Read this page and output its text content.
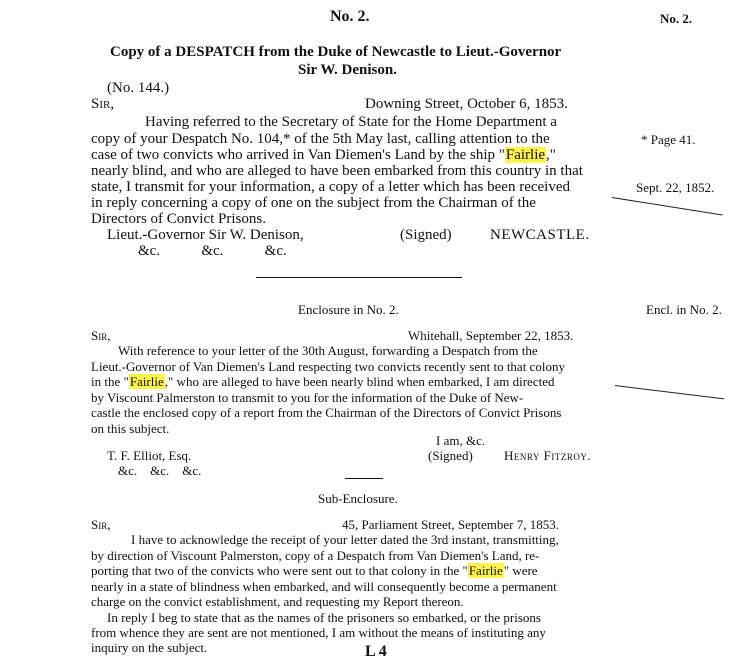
No. 2.	No. 2.
Copy of a DESPATCH from the Duke of Newcastle to Lieut.-Governor
Sir W. Denison.
(No. 144.)
Sir,	Downing Street, October 6, 1853.
Having referred to the Secretary of State for the Home Department a
copy of your Despatch No. 104,* of the 5th May last, calling attention to the
case of two convicts who arrived in Van Diemen's Land by the ship "Fairlie,"
nearly blind, and who are alleged to have been embarked from this country in that
state, I transmit for your information, a copy of a letter which has been received
in reply concerning a copy of one on the subject from the Chairman of the
Directors of Convict Prisons.
Lieut.-Governor Sir W. Denison,
&c.           &c.           &c.
(Signed)	NEWCASTLE.
* Page 41.
Sept. 22, 1852.
Enclosure in No. 2.	Encl. in No. 2.
Sir,	Whitehall, September 22, 1853.
With reference to your letter of the 30th August, forwarding a Despatch from the
Lieut.-Governor of Van Diemen's Land respecting two convicts recently sent to that colony
in the "Fairlie," who are alleged to have been nearly blind when embarked, I am directed
by Viscount Palmerston to transmit to you for the information of the Duke of New-
castle the enclosed copy of a report from the Chairman of the Directors of Convict Prisons
on this subject.
I am, &c.
T. F. Elliot, Esq.	(Signed) Henry Fitzroy.
&c.    &c.    &c.
Sub-Enclosure.
Sir,	45, Parliament Street, September 7, 1853.
I have to acknowledge the receipt of your letter dated the 3rd instant, transmitting,
by direction of Viscount Palmerston, copy of a Despatch from Van Diemen's Land, re-
porting that two of the convicts who were sent out to that colony in the "Fairlie" were
nearly in a state of blindness when embarked, and will consequently become a permanent
charge on the convict establishment, and requesting my Report thereon.
In reply I beg to state that as the names of the prisoners so embarked, or the prisons
from whence they are sent are not mentioned, I am without the means of instituting any
inquiry on the subject.	L 4
